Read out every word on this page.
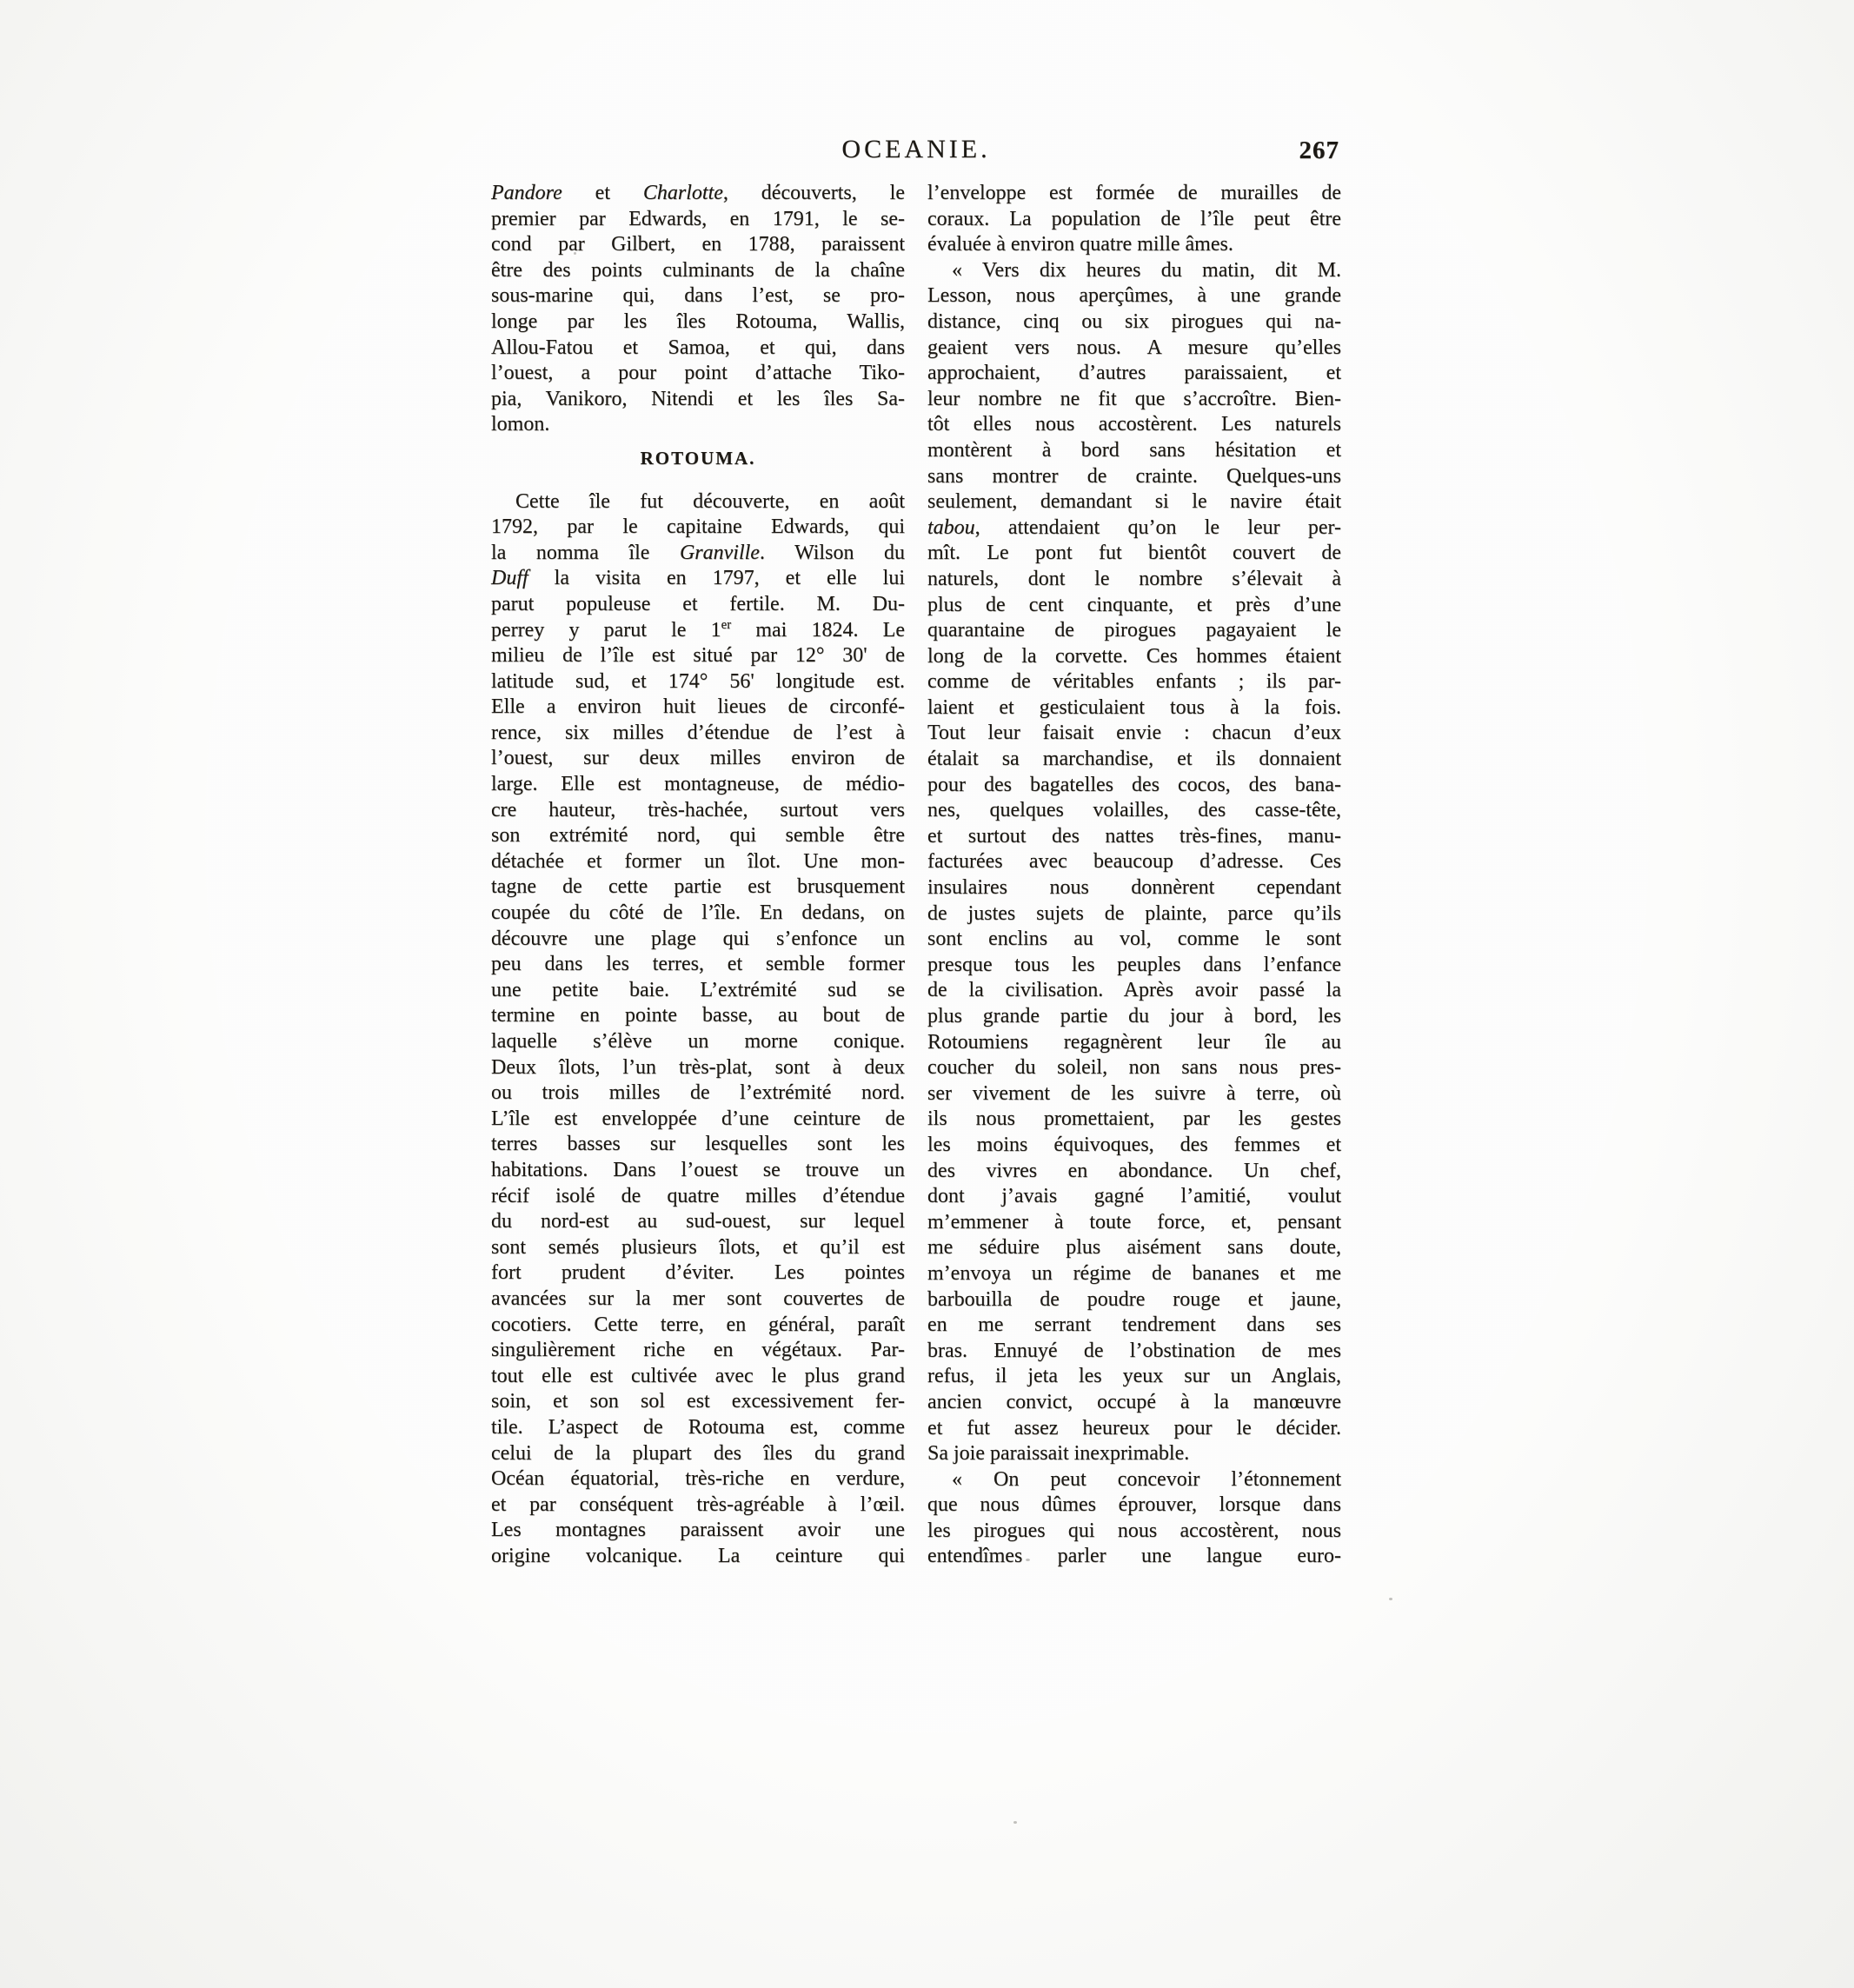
OCEANIE.	267
Pandore et Charlotte, découverts, le
premier par Edwards, en 1791, le se-
cond par Gilbert, en 1788, paraissent
être des points culminants de la chaîne
sous-marine qui, dans l’est, se pro-
longe par les îles Rotouma, Wallis,
Allou-Fatou et Samoa, et qui, dans
l’ouest, a pour point d’attache Tiko-
pia, Vanikoro, Nitendi et les îles Sa-
lomon.
ROTOUMA.
Cette île fut découverte, en août
1792, par le capitaine Edwards, qui
la nomma île Granville. Wilson du
Duff la visita en 1797, et elle lui
parut populeuse et fertile. M. Du-
perrey y parut le 1er mai 1824. Le
milieu de l’île est situé par 12° 30' de
latitude sud, et 174° 56' longitude est.
Elle a environ huit lieues de circonfé-
rence, six milles d’étendue de l’est à
l’ouest, sur deux milles environ de
large. Elle est montagneuse, de médio-
cre hauteur, très-hachée, surtout vers
son extrémité nord, qui semble être
détachée et former un îlot. Une mon-
tagne de cette partie est brusquement
coupée du côté de l’île. En dedans, on
découvre une plage qui s’enfonce un
peu dans les terres, et semble former
une petite baie. L’extrémité sud se
termine en pointe basse, au bout de
laquelle s’élève un morne conique.
Deux îlots, l’un très-plat, sont à deux
ou trois milles de l’extrémité nord.
L’île est enveloppée d’une ceinture de
terres basses sur lesquelles sont les
habitations. Dans l’ouest se trouve un
récif isolé de quatre milles d’étendue
du nord-est au sud-ouest, sur lequel
sont semés plusieurs îlots, et qu’il est
fort prudent d’éviter. Les pointes
avancées sur la mer sont couvertes de
cocotiers. Cette terre, en général, paraît
singulièrement riche en végétaux. Par-
tout elle est cultivée avec le plus grand
soin, et son sol est excessivement fer-
tile. L’aspect de Rotouma est, comme
celui de la plupart des îles du grand
Océan équatorial, très-riche en verdure,
et par conséquent très-agréable à l’œil.
Les montagnes paraissent avoir une
origine volcanique. La ceinture qui
l’enveloppe est formée de murailles de
coraux. La population de l’île peut être
évaluée à environ quatre mille âmes.
« Vers dix heures du matin, dit M.
Lesson, nous aperçûmes, à une grande
distance, cinq ou six pirogues qui na-
geaient vers nous. A mesure qu’elles
approchaient, d’autres paraissaient, et
leur nombre ne fit que s’accroître. Bien-
tôt elles nous accostèrent. Les naturels
montèrent à bord sans hésitation et
sans montrer de crainte. Quelques-uns
seulement, demandant si le navire était
tabou, attendaient qu’on le leur per-
mît. Le pont fut bientôt couvert de
naturels, dont le nombre s’élevait à
plus de cent cinquante, et près d’une
quarantaine de pirogues pagayaient le
long de la corvette. Ces hommes étaient
comme de véritables enfants ; ils par-
laient et gesticulaient tous à la fois.
Tout leur faisait envie : chacun d’eux
étalait sa marchandise, et ils donnaient
pour des bagatelles des cocos, des bana-
nes, quelques volailles, des casse-tête,
et surtout des nattes très-fines, manu-
facturées avec beaucoup d’adresse. Ces
insulaires nous donnèrent cependant
de justes sujets de plainte, parce qu’ils
sont enclins au vol, comme le sont
presque tous les peuples dans l’enfance
de la civilisation. Après avoir passé la
plus grande partie du jour à bord, les
Rotoumiens regagnèrent leur île au
coucher du soleil, non sans nous pres-
ser vivement de les suivre à terre, où
ils nous promettaient, par les gestes
les moins équivoques, des femmes et
des vivres en abondance. Un chef,
dont j’avais gagné l’amitié, voulut
m’emmener à toute force, et, pensant
me séduire plus aisément sans doute,
m’envoya un régime de bananes et me
barbouilla de poudre rouge et jaune,
en me serrant tendrement dans ses
bras. Ennuyé de l’obstination de mes
refus, il jeta les yeux sur un Anglais,
ancien convict, occupé à la manœuvre
et fut assez heureux pour le décider.
Sa joie paraissait inexprimable.
« On peut concevoir l’étonnement
que nous dûmes éprouver, lorsque dans
les pirogues qui nous accostèrent, nous
entendîmes parler une langue euro-
